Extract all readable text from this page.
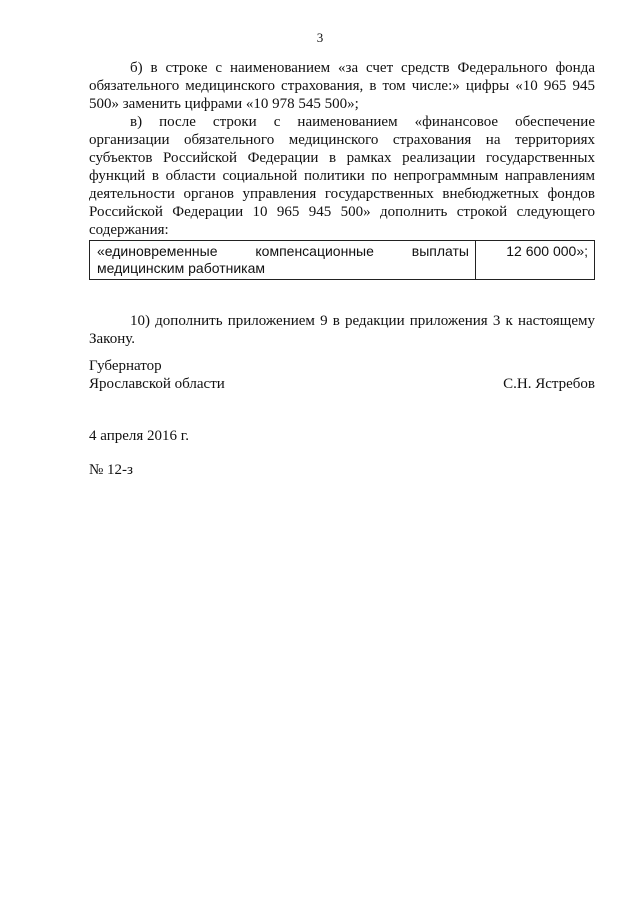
3

б) в строке с наименованием «за счет средств Федерального фонда обязательного медицинского страхования, в том числе:» цифры «10 965 945 500» заменить цифрами «10 978 545 500»;

в) после строки с наименованием «финансовое обеспечение организации обязательного медицинского страхования на территориях субъектов Российской Федерации в рамках реализации государственных функций в области социальной политики по непрограммным направлениям деятельности органов управления государственных внебюджетных фондов Российской Федерации 10 965 945 500» дополнить строкой следующего содержания:

«единовременные компенсационные выплаты медицинским работникам	12 600 000»;

10) дополнить приложением 9 в редакции приложения 3 к настоящему Закону.

Губернатор
Ярославской области	С.Н. Ястребов
4 апреля 2016 г.
№ 12-з
